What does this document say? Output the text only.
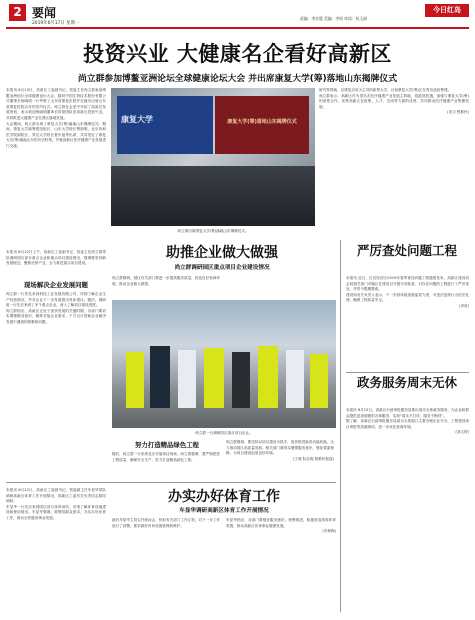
2 要闻
2019年6月17日 星期一
责编：李京俊 美编：李妍 审读：杭玉娟
今日红岛
投资兴业 大健康名企看好高新区
尚立群参加博鳌亚洲论坛全球健康论坛大会 并出席康复大学(筹)落地山东揭牌仪式

本报讯 6月13日，高新区工委副书记、管委主任尚立群参加博鳌亚洲论坛全球健康论坛大会，随同中国生物技术股份有限公司董事长杨晓明一行考察了山东省康复医院并在潍坊出席山东省康复医院合作的签约仪式。尚立群在会见中介绍了高新区发展规划，表示欢迎杨晓明董事长带领团队来高新区投资兴业，共同推进大健康产业在我区落地发展。

大会期间，尚立群出席了康复大学(筹)落地山东揭牌仪式。期间，康复大学副筹建组组长、山东大学校长樊丽明、北京协和医学院副院长、青岛大学校长夏东旭等出席，共同见证了康复大学(筹)落地山东的历史时刻，并就高新区医疗健康产业发展进行交流。

康复大学	康复大学(筹)落地山东揭牌仪式
尚立群出席康复大学(筹)落地山东揭牌仪式。

研究等领域，以康复应用为主导的新型大学。目前康复大学(筹)正在青岛选址筹建。

尚立群表示，高新区作为青岛市医疗健康产业发展主阵地，将抢抓机遇，加强与康复大学(筹)的深度合作，发挥高新区在政策、人才、空间等方面的优势，共同推动医疗健康产业集聚发展。

(见习 程都民)

本报讯 6月12日上午，高新区工委副书记、管委主任尚立群带队调研园区部分重点企业和重点项目建设情况，强调要坚持新发展理念，聚焦优势产业，全力推进重点项目建设。

助推企业做大做强
尚立群调研园区重点项目企业建设情况
现场解决企业发展问题

尚立群一行首先来到科技工业发展有限公司，详细了解企业生产经营情况，并对企业下一步发展提出具体建议。随后，调研组一行先后来到了多个重点企业，深入了解项目建设进度。

尚立群指出，高新区正处于加快发展的关键时期，各部门要切实增强服务意识，精准对接企业需求，千方百计帮助企业解决发展中遇到的困难和问题。

尚立群强调，园区有关部门要进一步提高服务质量，营造良好营商环境，推动企业做大做强。

尚立群一行调研园区重点项目企业。
努力打造精品绿色工程

随后，尚立群一行来到北京长瑞项目现场，尚立群强调，要严格把控工程质量，确保安全生产，努力打造精品绿色工程。

尚立群强调，要坚持以项目建设为抓手，加快推进新旧动能转换，全力推动园区高质量发展。相关部门要切实增强服务意识，强化要素保障，为项目建设创造良好环境。

(宁燕 阮存妮 程都民报道)

严厉查处问题工程

本报讯 近日，红岛经济区2019年春季查处问题工程通报发布，高新区建设局会同相关部门对辖区在建项目开展专项检查，对存在问题的工程进行了严厉查处，并责令限期整改。

建设局有关负责人表示，下一步将持续加强监管力度，对违法违规行为依法处理，确保工程质量安全。

(李虎)

政务服务周末无休

本报讯 6月15日，高新区行政审批服务局推出周末无休政务服务，为企业和群众提供更加便捷的办事服务，实现“周末不打烊，服务不断档”。

据了解，高新区行政审批服务局周末无休窗口主要办理企业开办、工程建设项目审批等高频事项，进一步优化营商环境。

(刘文婷)

办实办好体育工作
车显华调研高新区体育工作开展情况

本报讯 6月12日，高新区工委副书记、管委副主任车显华带队调研高新区体育工作开展情况，高新区工委有关负责同志陪同调研。

车显华一行先后来到园区部分体育场所，详细了解体育设施建设和使用情况。车显华强调，要围绕群众需求，办实办好体育工作，推动全民健身事业发展。

最后车显华主持召开座谈会，听取有关部门工作汇报，对下一步工作进行了部署，要求做好体育设施管理和维护。

车显华指出，各部门要强化服务意识，统筹推进，积极营造浓厚体育氛围，推动高新区体育事业健康发展。

(安柯梅)
